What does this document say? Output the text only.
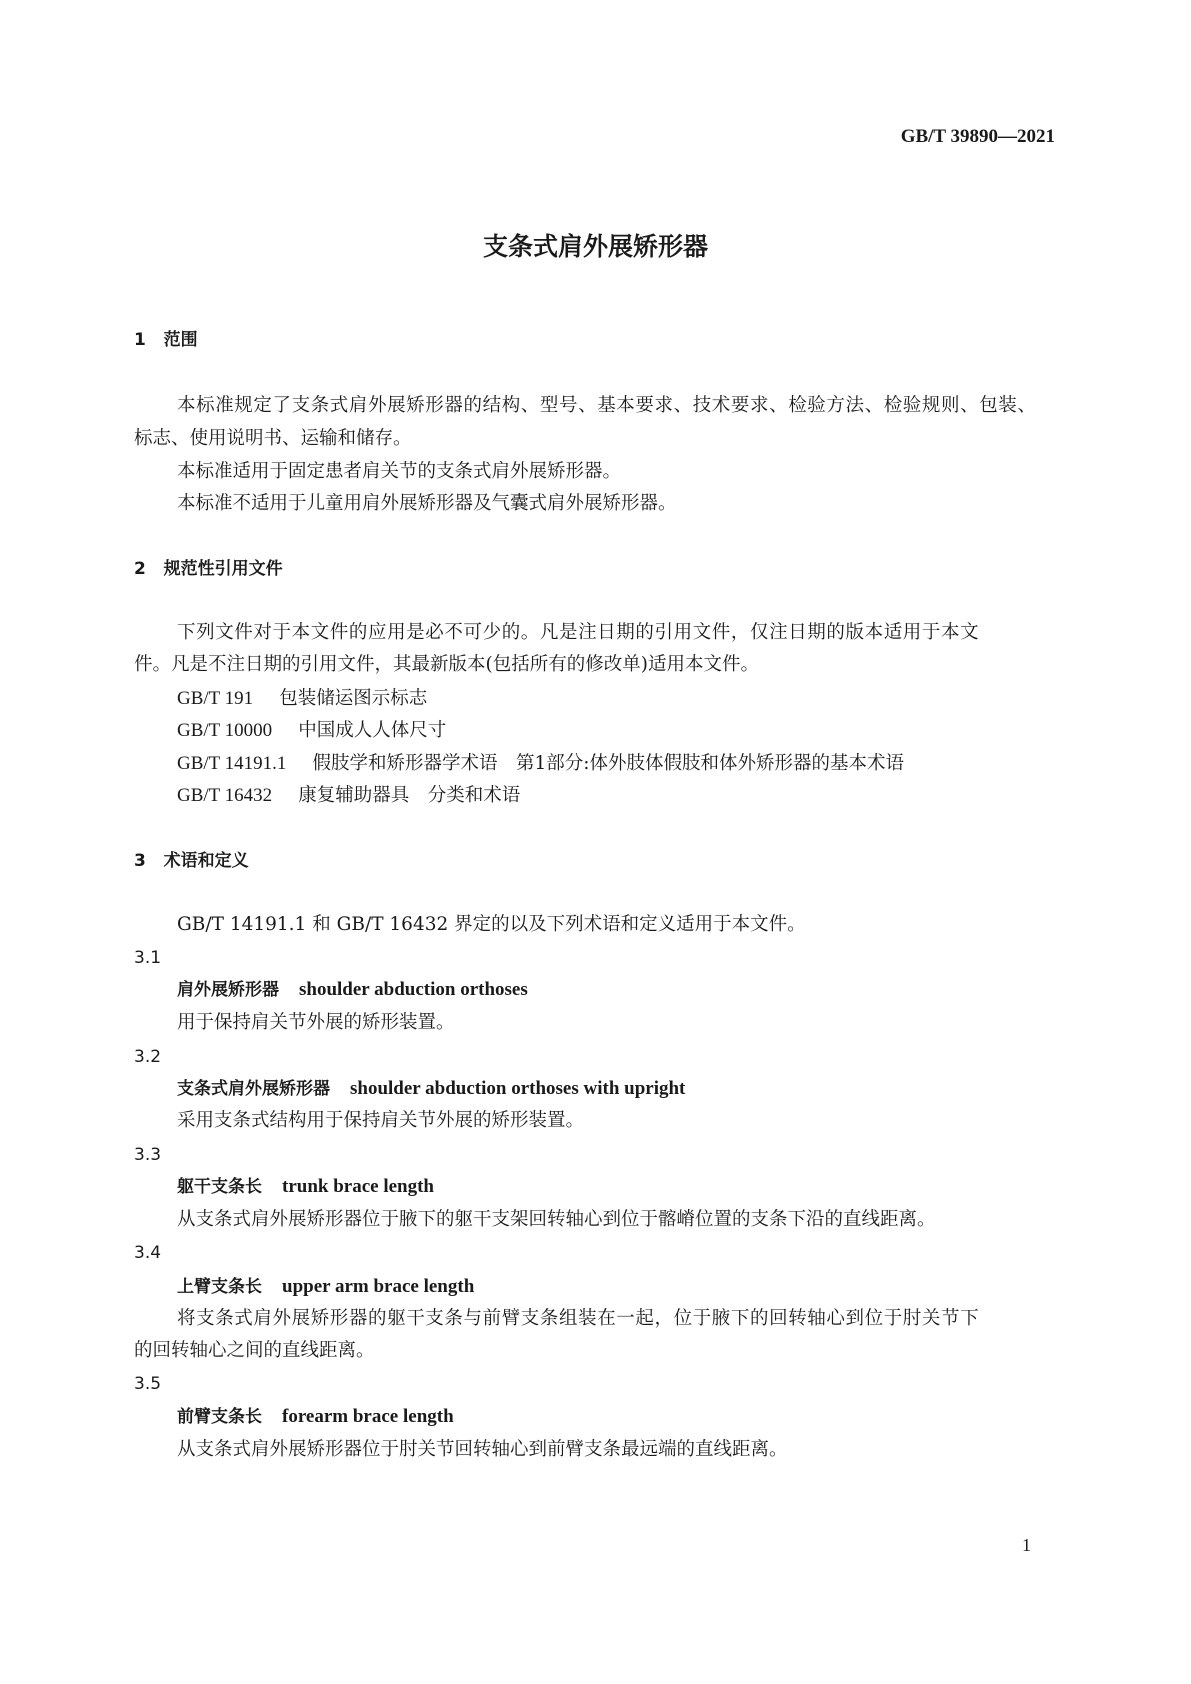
GB/T 39890—2021
支条式肩外展矫形器
1 范围
本标准规定了支条式肩外展矫形器的结构、型号、基本要求、技术要求、检验方法、检验规则、包装、
标志、使用说明书、运输和储存。
本标准适用于固定患者肩关节的支条式肩外展矫形器。
本标准不适用于儿童用肩外展矫形器及气囊式肩外展矫形器。
2 规范性引用文件
下列文件对于本文件的应用是必不可少的。凡是注日期的引用文件，仅注日期的版本适用于本文
件。凡是不注日期的引用文件，其最新版本(包括所有的修改单)适用本文件。
GB/T 191 包装储运图示标志
GB/T 10000 中国成人人体尺寸
GB/T 14191.1 假肢学和矫形器学术语　第1部分:体外肢体假肢和体外矫形器的基本术语
GB/T 16432 康复辅助器具　分类和术语
3 术语和定义
GB/T 14191.1 和 GB/T 16432 界定的以及下列术语和定义适用于本文件。
3.1
肩外展矫形器 shoulder abduction orthoses
用于保持肩关节外展的矫形装置。
3.2
支条式肩外展矫形器 shoulder abduction orthoses with upright
采用支条式结构用于保持肩关节外展的矫形装置。
3.3
躯干支条长 trunk brace length
从支条式肩外展矫形器位于腋下的躯干支架回转轴心到位于髂嵴位置的支条下沿的直线距离。
3.4
上臂支条长 upper arm brace length
将支条式肩外展矫形器的躯干支条与前臂支条组装在一起，位于腋下的回转轴心到位于肘关节下
的回转轴心之间的直线距离。
3.5
前臂支条长 forearm brace length
从支条式肩外展矫形器位于肘关节回转轴心到前臂支条最远端的直线距离。
1
